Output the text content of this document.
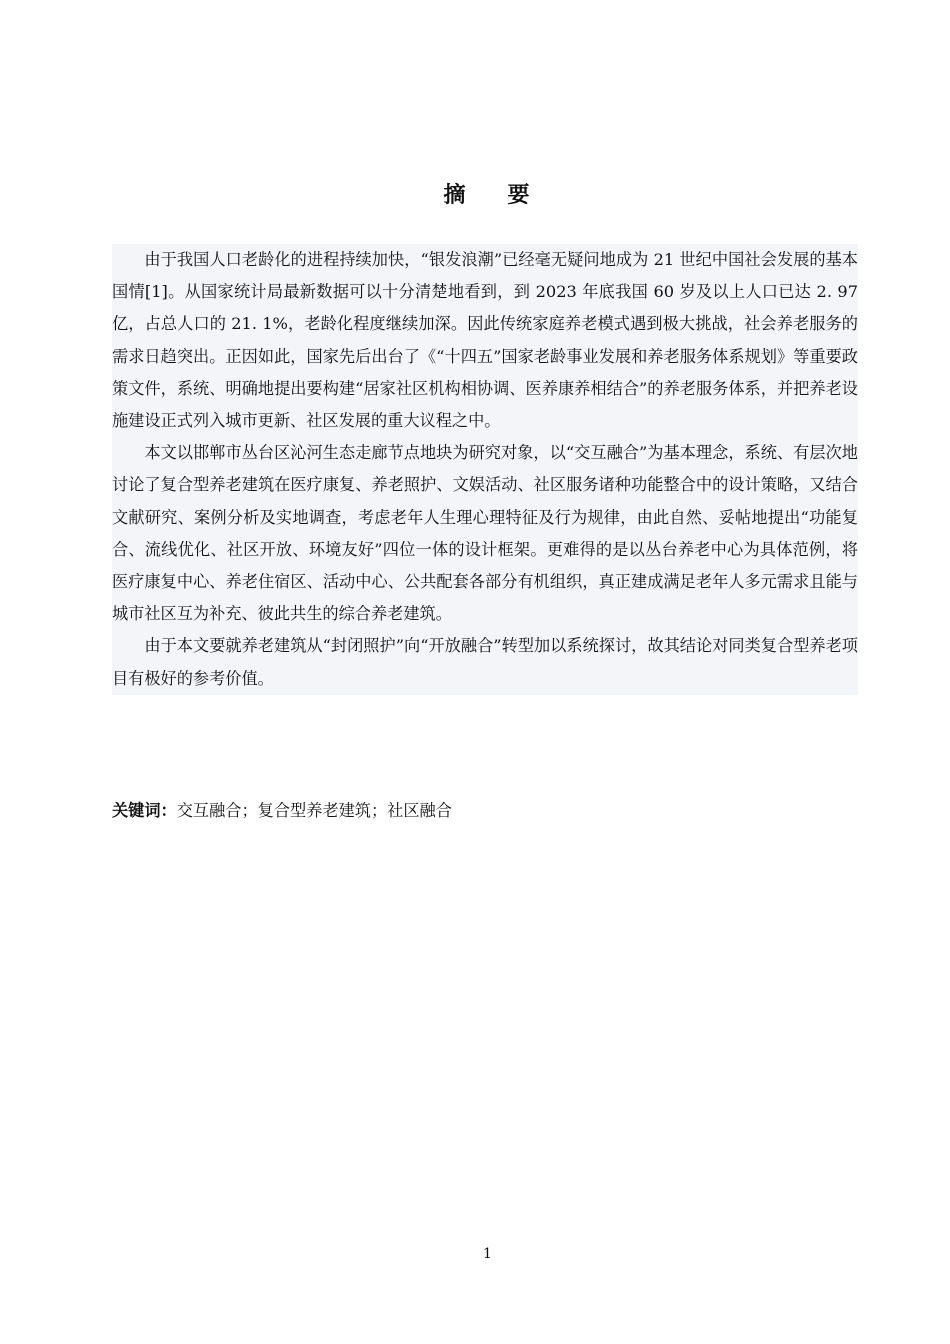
摘 要

由于我国人口老龄化的进程持续加快，“银发浪潮”已经毫无疑问地成为 21 世纪中国社会发展的基本国情[1]。从国家统计局最新数据可以十分清楚地看到，到 2023 年底我国 60 岁及以上人口已达 2. 97 亿，占总人口的 21. 1%，老龄化程度继续加深。因此传统家庭养老模式遇到极大挑战，社会养老服务的需求日趋突出。正因如此，国家先后出台了《“十四五”国家老龄事业发展和养老服务体系规划》等重要政策文件，系统、明确地提出要构建“居家社区机构相协调、医养康养相结合”的养老服务体系，并把养老设施建设正式列入城市更新、社区发展的重大议程之中。

本文以邯郸市丛台区沁河生态走廊节点地块为研究对象，以“交互融合”为基本理念，系统、有层次地讨论了复合型养老建筑在医疗康复、养老照护、文娱活动、社区服务诸种功能整合中的设计策略，又结合文献研究、案例分析及实地调查，考虑老年人生理心理特征及行为规律，由此自然、妥帖地提出“功能复合、流线优化、社区开放、环境友好”四位一体的设计框架。更难得的是以丛台养老中心为具体范例，将医疗康复中心、养老住宿区、活动中心、公共配套各部分有机组织，真正建成满足老年人多元需求且能与城市社区互为补充、彼此共生的综合养老建筑。

由于本文要就养老建筑从“封闭照护”向“开放融合”转型加以系统探讨，故其结论对同类复合型养老项目有极好的参考价值。

关键词：交互融合；复合型养老建筑；社区融合
1
